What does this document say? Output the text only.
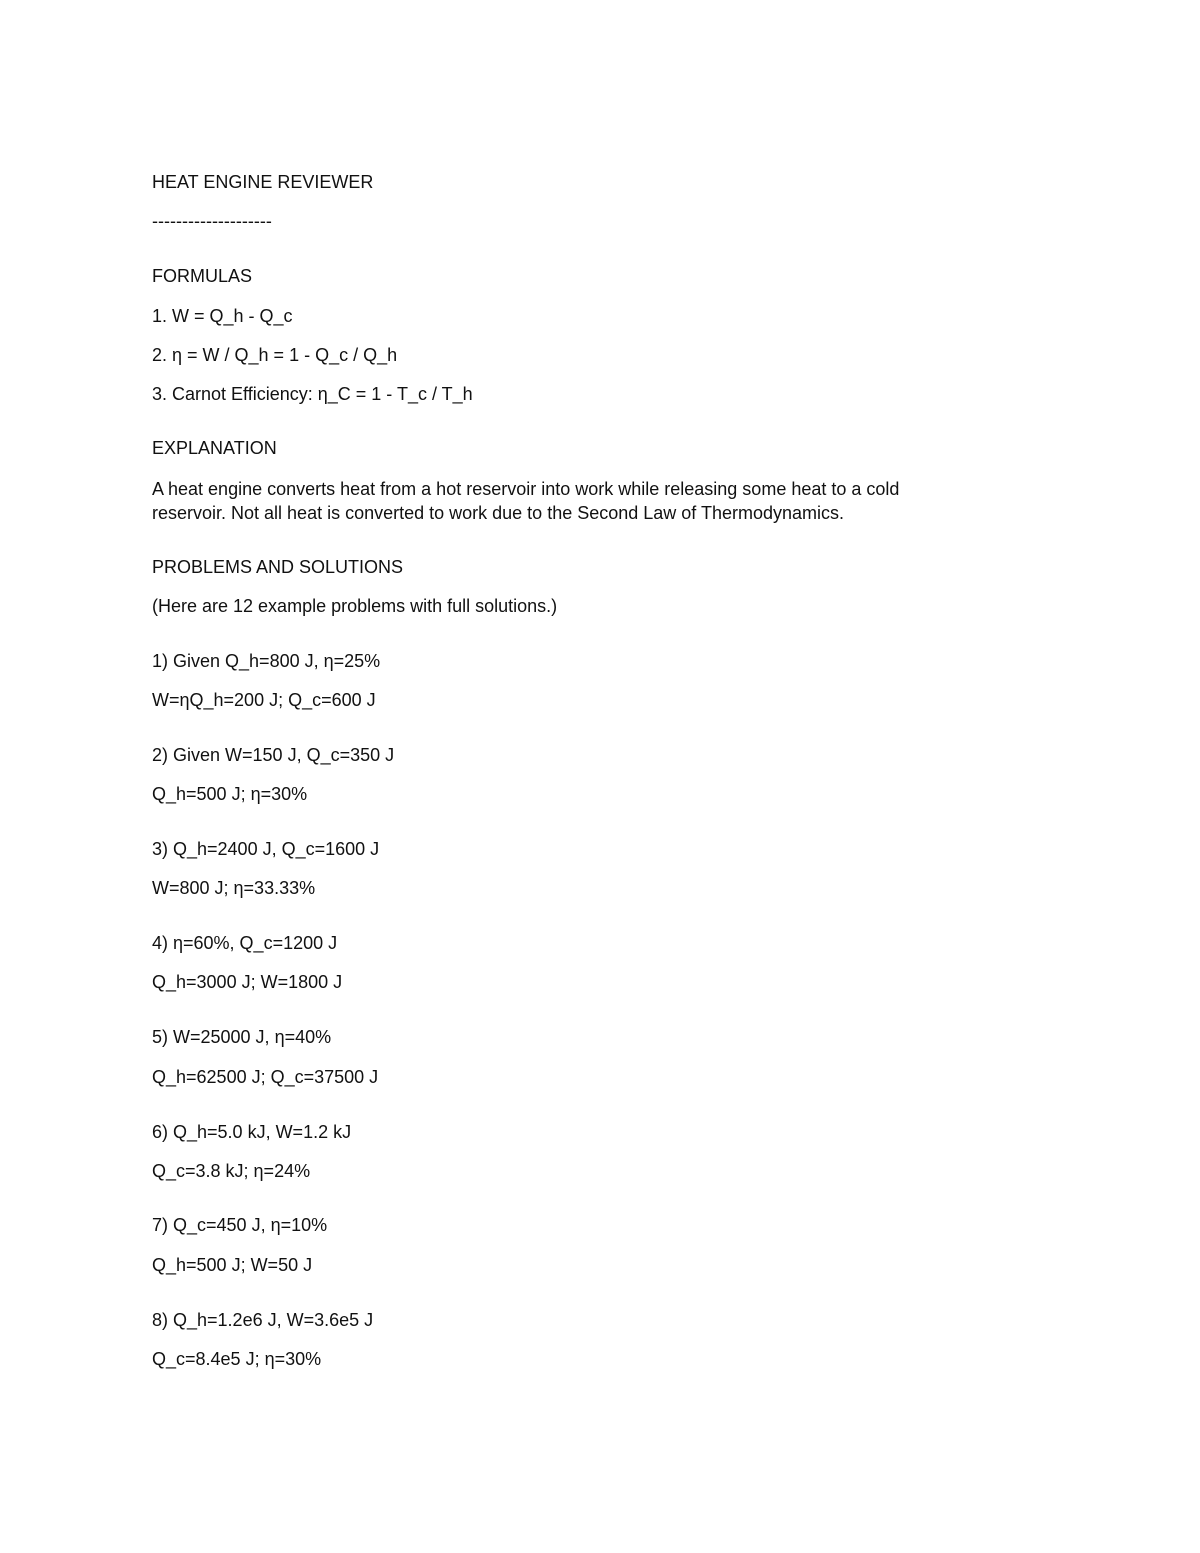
HEAT ENGINE REVIEWER
--------------------
FORMULAS
1. W = Q_h - Q_c
2. η = W / Q_h = 1 - Q_c / Q_h
3. Carnot Efficiency: η_C = 1 - T_c / T_h
EXPLANATION
A heat engine converts heat from a hot reservoir into work while releasing some heat to a cold
reservoir. Not all heat is converted to work due to the Second Law of Thermodynamics.
PROBLEMS AND SOLUTIONS
(Here are 12 example problems with full solutions.)
1) Given Q_h=800 J, η=25%
W=ηQ_h=200 J; Q_c=600 J
2) Given W=150 J, Q_c=350 J
Q_h=500 J; η=30%
3) Q_h=2400 J, Q_c=1600 J
W=800 J; η=33.33%
4) η=60%, Q_c=1200 J
Q_h=3000 J; W=1800 J
5) W=25000 J, η=40%
Q_h=62500 J; Q_c=37500 J
6) Q_h=5.0 kJ, W=1.2 kJ
Q_c=3.8 kJ; η=24%
7) Q_c=450 J, η=10%
Q_h=500 J; W=50 J
8) Q_h=1.2e6 J, W=3.6e5 J
Q_c=8.4e5 J; η=30%
